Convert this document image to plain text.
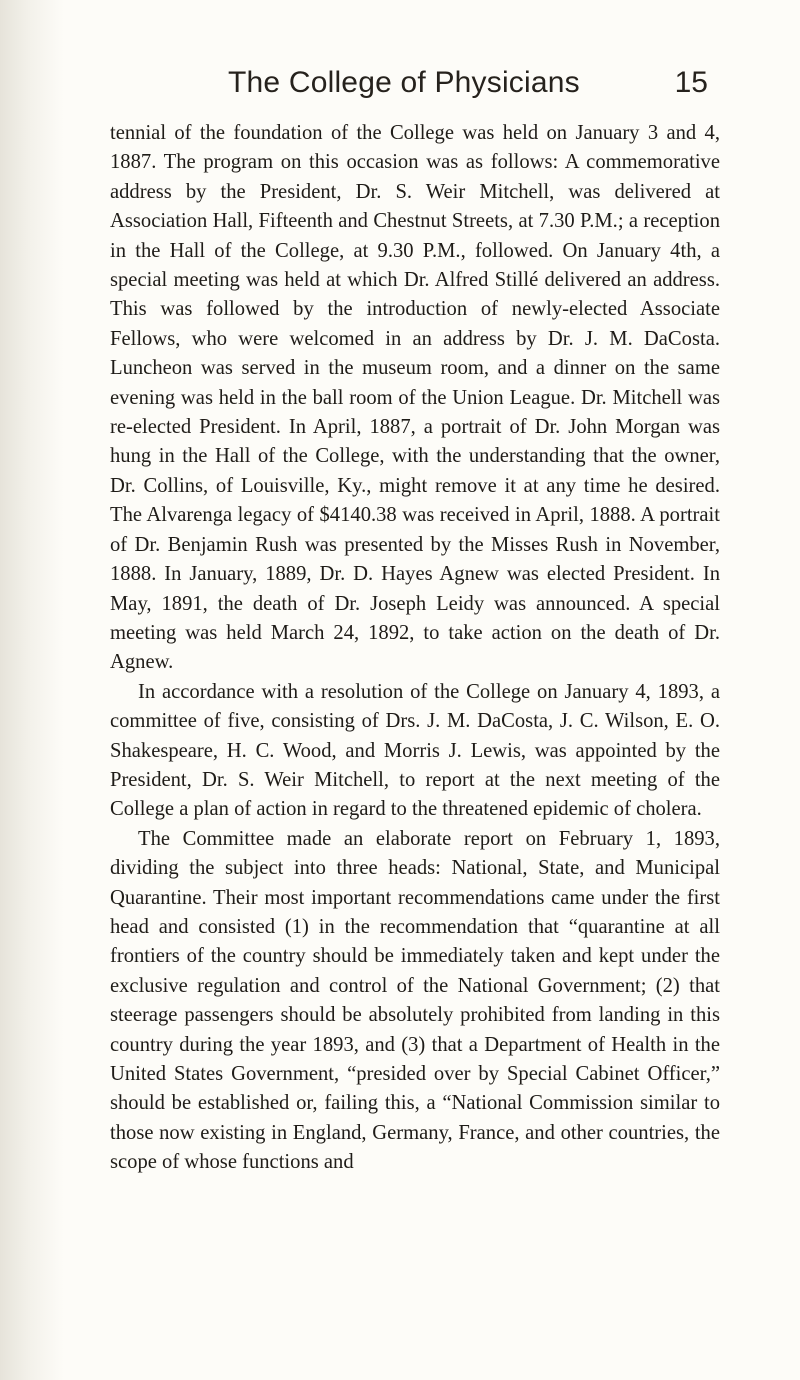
The College of Physicians	15

tennial of the foundation of the College was held on January 3 and 4, 1887. The program on this occasion was as follows: A commemorative address by the President, Dr. S. Weir Mitchell, was delivered at Association Hall, Fifteenth and Chestnut Streets, at 7.30 P.M.; a reception in the Hall of the College, at 9.30 P.M., followed. On January 4th, a special meeting was held at which Dr. Alfred Stillé delivered an address. This was followed by the introduction of newly-elected Associate Fellows, who were welcomed in an address by Dr. J. M. DaCosta. Luncheon was served in the museum room, and a dinner on the same evening was held in the ball room of the Union League. Dr. Mitchell was re-elected President. In April, 1887, a portrait of Dr. John Morgan was hung in the Hall of the College, with the understanding that the owner, Dr. Collins, of Louisville, Ky., might remove it at any time he desired. The Alvarenga legacy of $4140.38 was received in April, 1888. A portrait of Dr. Benjamin Rush was presented by the Misses Rush in November, 1888. In January, 1889, Dr. D. Hayes Agnew was elected President. In May, 1891, the death of Dr. Joseph Leidy was announced. A special meeting was held March 24, 1892, to take action on the death of Dr. Agnew.

In accordance with a resolution of the College on January 4, 1893, a committee of five, consisting of Drs. J. M. DaCosta, J. C. Wilson, E. O. Shakespeare, H. C. Wood, and Morris J. Lewis, was appointed by the President, Dr. S. Weir Mitchell, to report at the next meeting of the College a plan of action in regard to the threatened epidemic of cholera.

The Committee made an elaborate report on February 1, 1893, dividing the subject into three heads: National, State, and Municipal Quarantine. Their most important recommendations came under the first head and consisted (1) in the recommendation that “quarantine at all frontiers of the country should be immediately taken and kept under the exclusive regulation and control of the National Government; (2) that steerage passengers should be absolutely prohibited from landing in this country during the year 1893, and (3) that a Department of Health in the United States Government, “presided over by Special Cabinet Officer,” should be established or, failing this, a “National Commission similar to those now existing in England, Germany, France, and other countries, the scope of whose functions and
